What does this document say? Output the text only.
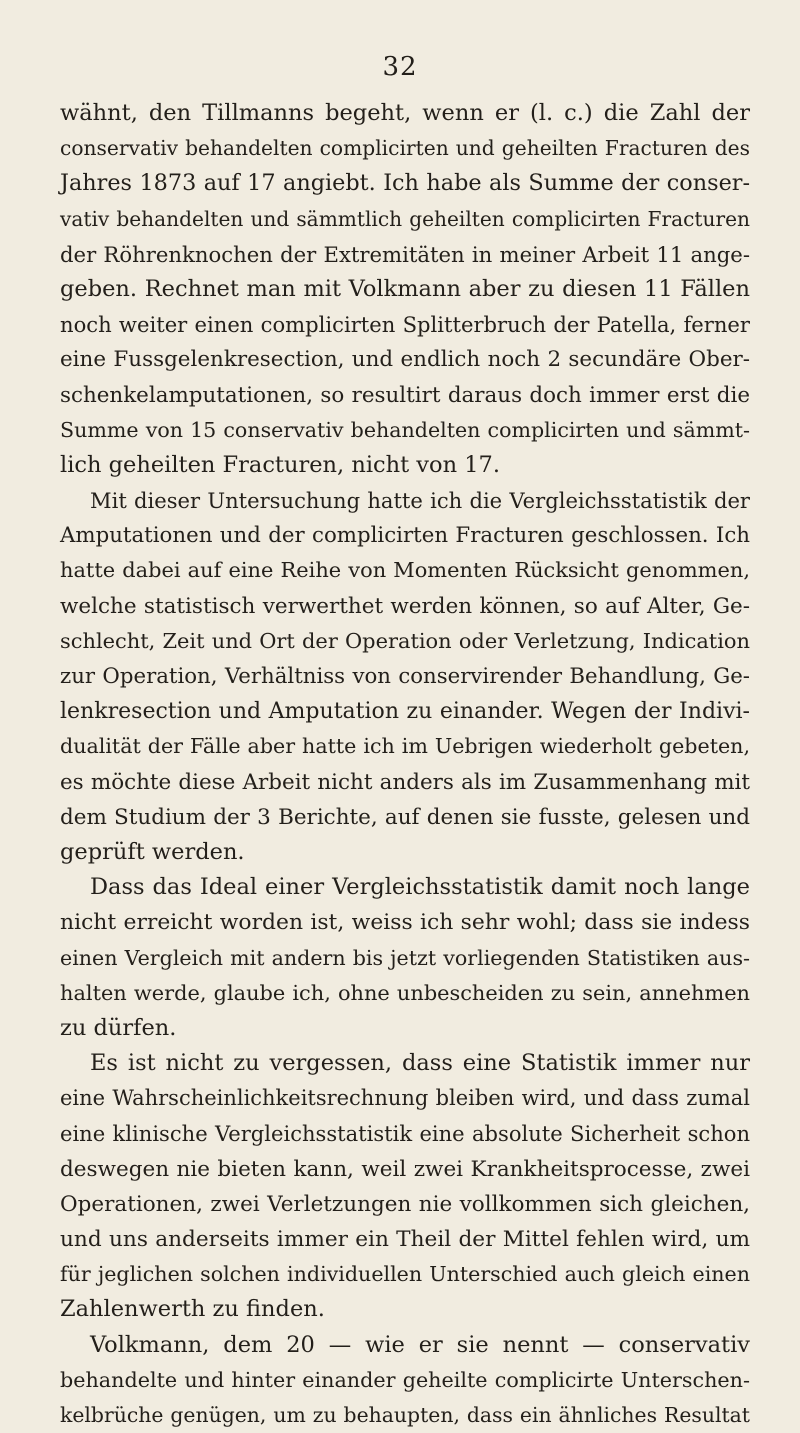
32
wähnt, den Tillmanns begeht, wenn er (l. c.) die Zahl der
conservativ behandelten complicirten und geheilten Fracturen des
Jahres 1873 auf 17 angiebt. Ich habe als Summe der conser-
vativ behandelten und sämmtlich geheilten complicirten Fracturen
der Röhrenknochen der Extremitäten in meiner Arbeit 11 ange-
geben. Rechnet man mit Volkmann aber zu diesen 11 Fällen
noch weiter einen complicirten Splitterbruch der Patella, ferner
eine Fussgelenkresection, und endlich noch 2 secundäre Ober-
schenkelamputationen, so resultirt daraus doch immer erst die
Summe von 15 conservativ behandelten complicirten und sämmt-
lich geheilten Fracturen, nicht von 17.
Mit dieser Untersuchung hatte ich die Vergleichsstatistik der
Amputationen und der complicirten Fracturen geschlossen. Ich
hatte dabei auf eine Reihe von Momenten Rücksicht genommen,
welche statistisch verwerthet werden können, so auf Alter, Ge-
schlecht, Zeit und Ort der Operation oder Verletzung, Indication
zur Operation, Verhältniss von conservirender Behandlung, Ge-
lenkresection und Amputation zu einander. Wegen der Indivi-
dualität der Fälle aber hatte ich im Uebrigen wiederholt gebeten,
es möchte diese Arbeit nicht anders als im Zusammenhang mit
dem Studium der 3 Berichte, auf denen sie fusste, gelesen und
geprüft werden.
Dass das Ideal einer Vergleichsstatistik damit noch lange
nicht erreicht worden ist, weiss ich sehr wohl; dass sie indess
einen Vergleich mit andern bis jetzt vorliegenden Statistiken aus-
halten werde, glaube ich, ohne unbescheiden zu sein, annehmen
zu dürfen.
Es ist nicht zu vergessen, dass eine Statistik immer nur
eine Wahrscheinlichkeitsrechnung bleiben wird, und dass zumal
eine klinische Vergleichsstatistik eine absolute Sicherheit schon
deswegen nie bieten kann, weil zwei Krankheitsprocesse, zwei
Operationen, zwei Verletzungen nie vollkommen sich gleichen,
und uns anderseits immer ein Theil der Mittel fehlen wird, um
für jeglichen solchen individuellen Unterschied auch gleich einen
Zahlenwerth zu finden.
Volkmann, dem 20 — wie er sie nennt — conservativ
behandelte und hinter einander geheilte complicirte Unterschen-
kelbrüche genügen, um zu behaupten, dass ein ähnliches Resultat
